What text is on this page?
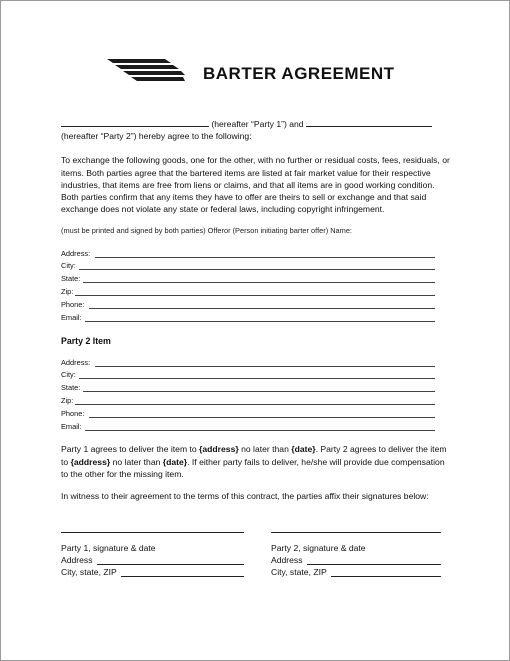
BARTER AGREEMENT
(hereafter “Party 1”) and
(hereafter “Party 2”) hereby agree to the following:

To exchange the following goods, one for the other, with no further or residual costs, fees, residuals, or items. Both parties agree that the bartered items are listed at fair market value for their respective industries, that items are free from liens or claims, and that all items are in good working condition. Both parties confirm that any items they have to offer are theirs to sell or exchange and that said exchange does not violate any state or federal laws, including copyright infringement.

(must be printed and signed by both parties) Offeror (Person initiating barter offer) Name:

Address:
City:
State:
Zip:
Phone:
Email:
Party 2 Item
Address:
City:
State:
Zip:
Phone:
Email:

Party 1 agrees to deliver the item to {address} no later than {date}. Party 2 agrees to deliver the item to {address} no later than {date}. If either party fails to deliver, he/she will provide due compensation to the other for the missing item.

In witness to their agreement to the terms of this contract, the parties affix their signatures below:

Party 1, signature & date
Address
City, state, ZIP
Party 2, signature & date
Address
City, state, ZIP
